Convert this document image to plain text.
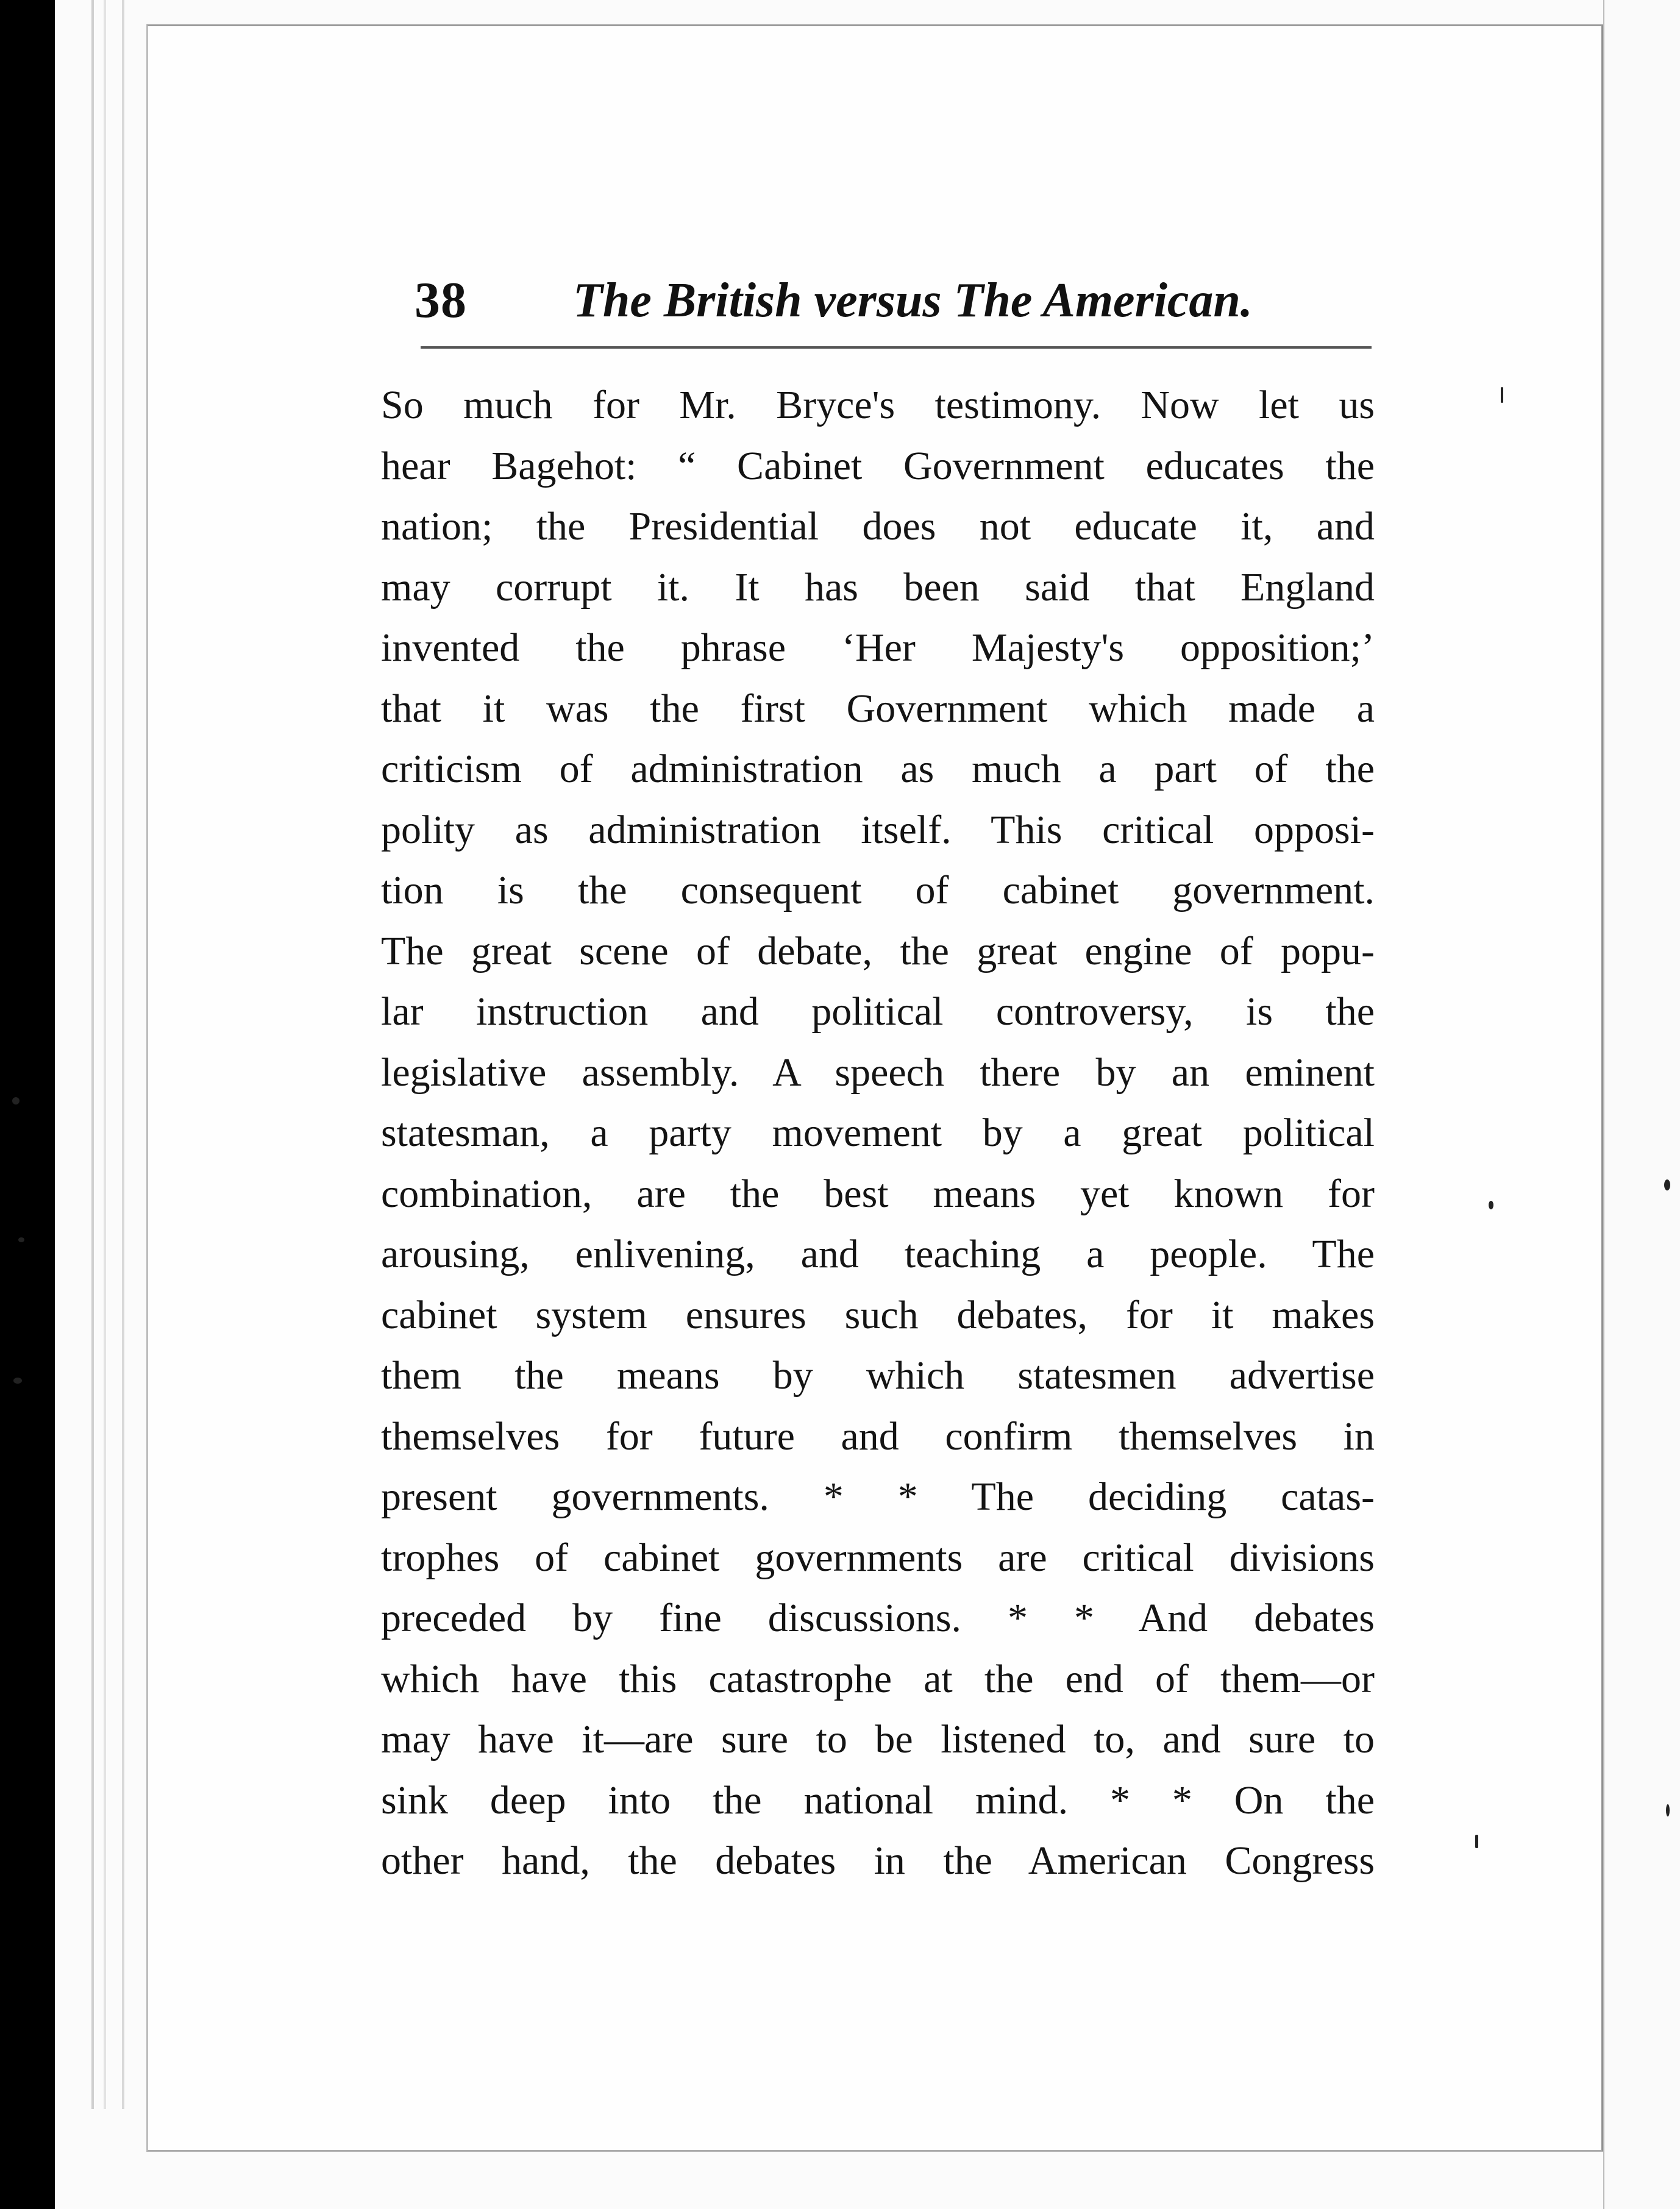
38 The British versus The American.
So much for Mr. Bryce's testimony. Now let us
hear Bagehot: “ Cabinet Government educates the
nation; the Presidential does not educate it, and
may corrupt it. It has been said that England
invented the phrase ‘Her Majesty's opposition;’
that it was the first Government which made a
criticism of administration as much a part of the
polity as administration itself. This critical opposi-
tion is the consequent of cabinet government.
The great scene of debate, the great engine of popu-
lar instruction and political controversy, is the
legislative assembly. A speech there by an eminent
statesman, a party movement by a great political
combination, are the best means yet known for
arousing, enlivening, and teaching a people. The
cabinet system ensures such debates, for it makes
them the means by which statesmen advertise
themselves for future and confirm themselves in
present governments. * * The deciding catas-
trophes of cabinet governments are critical divisions
preceded by fine discussions. * * And debates
which have this catastrophe at the end of them—or
may have it—are sure to be listened to, and sure to
sink deep into the national mind. * * On the
other hand, the debates in the American Congress
